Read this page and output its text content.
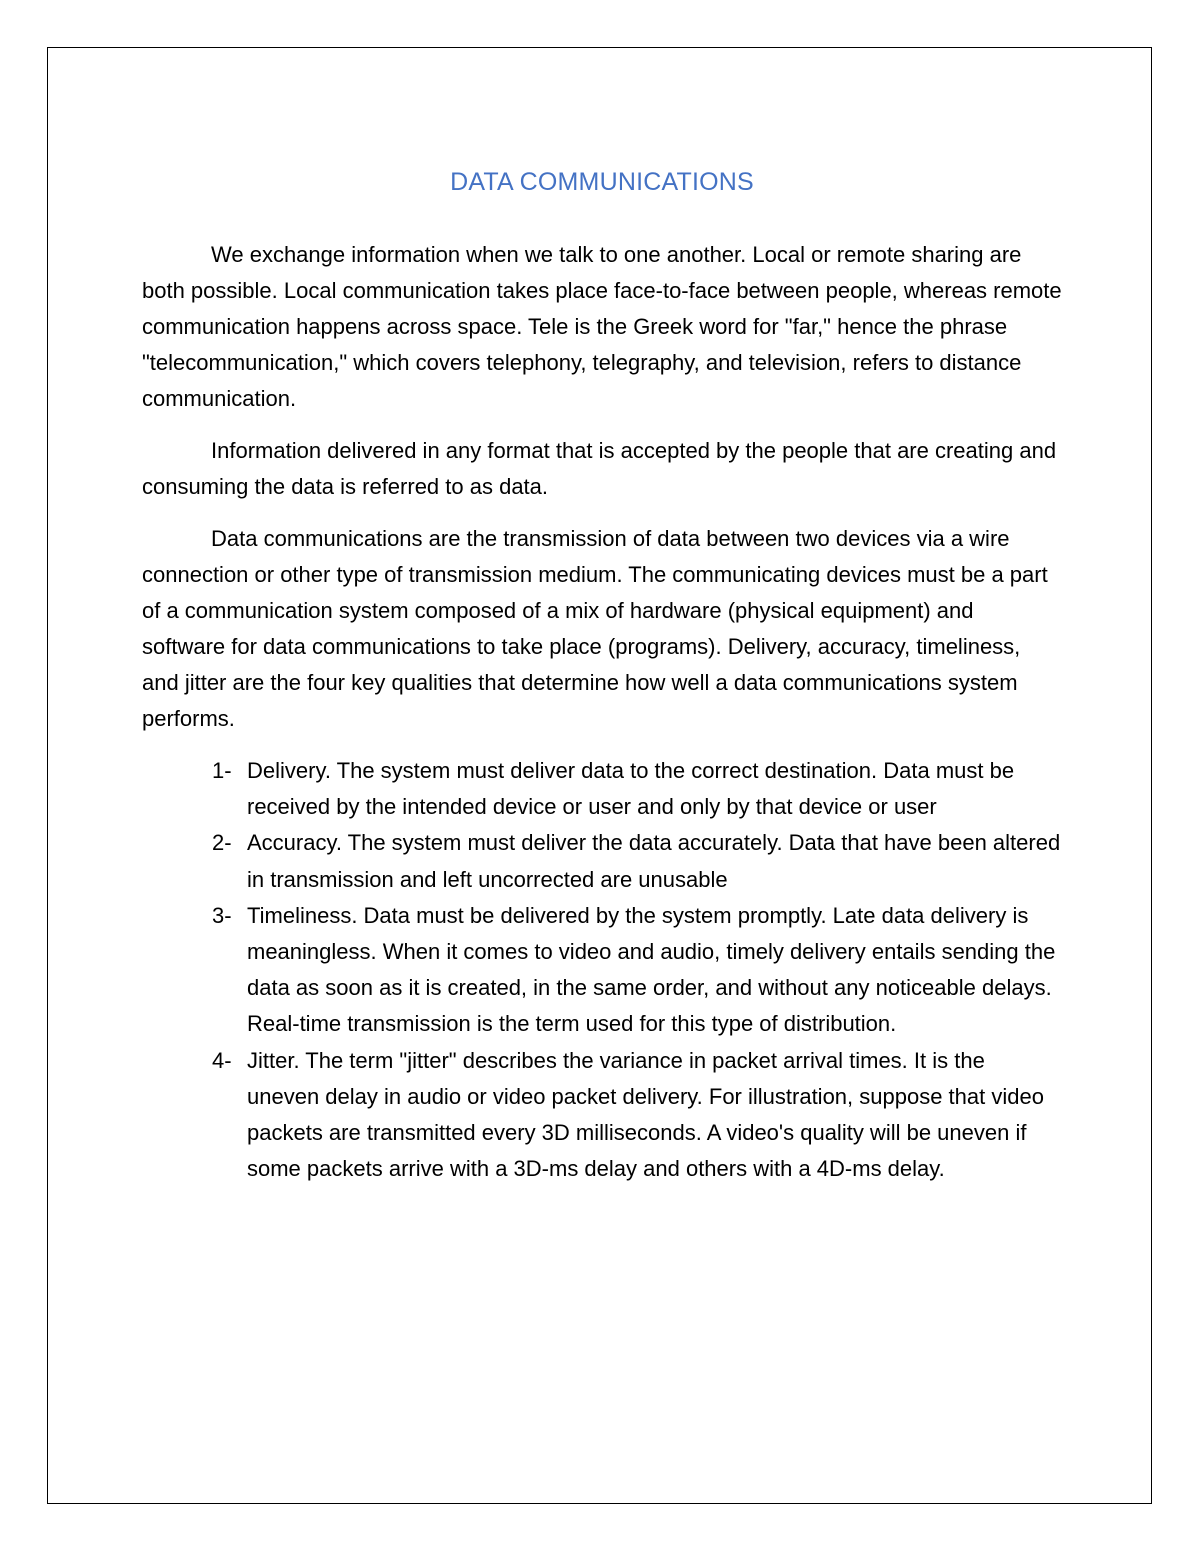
DATA COMMUNICATIONS

We exchange information when we talk to one another. Local or remote sharing are both possible. Local communication takes place face-to-face between people, whereas remote communication happens across space. Tele is the Greek word for "far," hence the phrase "telecommunication," which covers telephony, telegraphy, and television, refers to distance communication.

Information delivered in any format that is accepted by the people that are creating and consuming the data is referred to as data.

Data communications are the transmission of data between two devices via a wire connection or other type of transmission medium. The communicating devices must be a part of a communication system composed of a mix of hardware (physical equipment) and software for data communications to take place (programs). Delivery, accuracy, timeliness, and jitter are the four key qualities that determine how well a data communications system performs.

1- Delivery. The system must deliver data to the correct destination. Data must be received by the intended device or user and only by that device or user
2- Accuracy. The system must deliver the data accurately. Data that have been altered in transmission and left uncorrected are unusable
3- Timeliness. Data must be delivered by the system promptly. Late data delivery is meaningless. When it comes to video and audio, timely delivery entails sending the data as soon as it is created, in the same order, and without any noticeable delays. Real-time transmission is the term used for this type of distribution.
4- Jitter. The term "jitter" describes the variance in packet arrival times. It is the uneven delay in audio or video packet delivery. For illustration, suppose that video packets are transmitted every 3D milliseconds. A video's quality will be uneven if some packets arrive with a 3D-ms delay and others with a 4D-ms delay.
